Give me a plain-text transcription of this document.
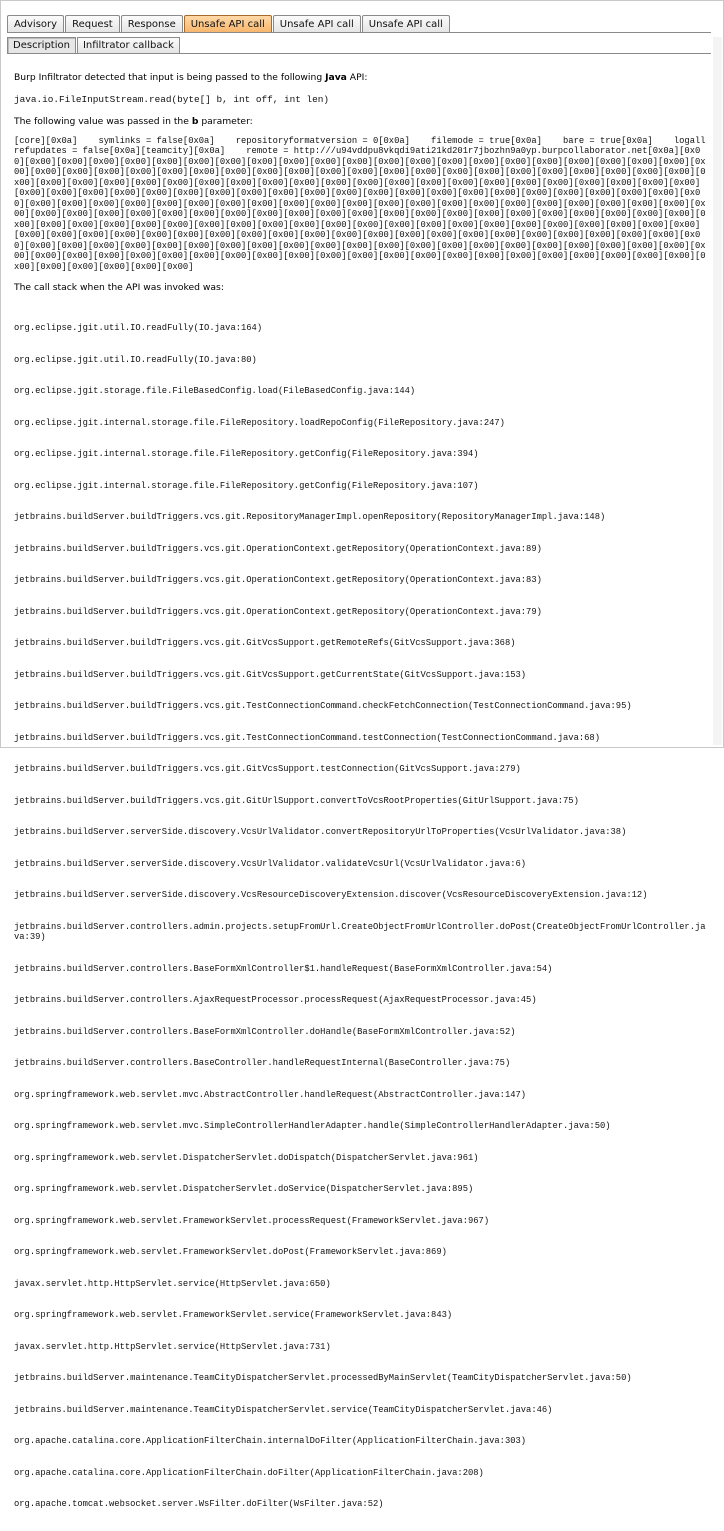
Advisory	Request	Response	Unsafe API call	Unsafe API call	Unsafe API call
Description	Infiltrator callback

Burp Infiltrator detected that input is being passed to the following Java API:

java.io.FileInputStream.read(byte[] b, int off, int len)

The following value was passed in the b parameter:

[core][0x0a]    symlinks = false[0x0a]    repositoryformatversion = 0[0x0a]    filemode = true[0x0a]    bare = true[0x0a]    logallrefupdates = false[0x0a][teamcity][0x0a]    remote = http:///u94vddpu8vkqdi9ati21kd201r7jbozhn9a0yp.burpcollaborator.net[0x0a][0x00][0x00][0x00][0x00][0x00][0x00][0x00][0x00][0x00][0x00][0x00][0x00][0x00][0x00][0x00][0x00][0x00][0x00][0x00][0x00][0x00][0x00][0x00][0x00][0x00][0x00][0x00][0x00][0x00][0x00][0x00][0x00][0x00][0x00][0x00][0x00][0x00][0x00][0x00][0x00][0x00][0x00][0x00][0x00][0x00][0x00][0x00][0x00][0x00][0x00][0x00][0x00][0x00][0x00][0x00][0x00][0x00][0x00][0x00][0x00][0x00][0x00][0x00][0x00][0x00][0x00][0x00][0x00][0x00][0x00][0x00][0x00][0x00][0x00][0x00][0x00][0x00][0x00][0x00][0x00][0x00][0x00][0x00][0x00][0x00][0x00][0x00][0x00][0x00][0x00][0x00][0x00][0x00][0x00][0x00][0x00][0x00][0x00][0x00][0x00][0x00][0x00][0x00][0x00][0x00][0x00][0x00][0x00][0x00][0x00][0x00][0x00][0x00][0x00][0x00][0x00][0x00][0x00][0x00][0x00][0x00][0x00][0x00][0x00][0x00][0x00][0x00][0x00][0x00][0x00][0x00][0x00][0x00][0x00][0x00][0x00][0x00][0x00][0x00][0x00][0x00][0x00][0x00][0x00][0x00][0x00][0x00][0x00][0x00][0x00][0x00][0x00][0x00][0x00][0x00][0x00][0x00][0x00][0x00][0x00][0x00][0x00][0x00][0x00][0x00][0x00][0x00][0x00][0x00][0x00][0x00][0x00][0x00][0x00][0x00][0x00][0x00][0x00][0x00][0x00][0x00][0x00][0x00][0x00][0x00][0x00][0x00][0x00][0x00][0x00][0x00][0x00][0x00][0x00][0x00][0x00][0x00][0x00][0x00][0x00][0x00][0x00][0x00][0x00][0x00][0x00][0x00][0x00][0x00][0x00][0x00][0x00][0x00][0x00][0x00][0x00][0x00][0x00][0x00][0x00][0x00][0x00][0x00][0x00]

The call stack when the API was invoked was:

org.eclipse.jgit.util.IO.readFully(IO.java:164)

org.eclipse.jgit.util.IO.readFully(IO.java:80)

org.eclipse.jgit.storage.file.FileBasedConfig.load(FileBasedConfig.java:144)

org.eclipse.jgit.internal.storage.file.FileRepository.loadRepoConfig(FileRepository.java:247)

org.eclipse.jgit.internal.storage.file.FileRepository.getConfig(FileRepository.java:394)

org.eclipse.jgit.internal.storage.file.FileRepository.getConfig(FileRepository.java:107)

jetbrains.buildServer.buildTriggers.vcs.git.RepositoryManagerImpl.openRepository(RepositoryManagerImpl.java:148)

jetbrains.buildServer.buildTriggers.vcs.git.OperationContext.getRepository(OperationContext.java:89)

jetbrains.buildServer.buildTriggers.vcs.git.OperationContext.getRepository(OperationContext.java:83)

jetbrains.buildServer.buildTriggers.vcs.git.OperationContext.getRepository(OperationContext.java:79)

jetbrains.buildServer.buildTriggers.vcs.git.GitVcsSupport.getRemoteRefs(GitVcsSupport.java:368)

jetbrains.buildServer.buildTriggers.vcs.git.GitVcsSupport.getCurrentState(GitVcsSupport.java:153)

jetbrains.buildServer.buildTriggers.vcs.git.TestConnectionCommand.checkFetchConnection(TestConnectionCommand.java:95)

jetbrains.buildServer.buildTriggers.vcs.git.TestConnectionCommand.testConnection(TestConnectionCommand.java:68)

jetbrains.buildServer.buildTriggers.vcs.git.GitVcsSupport.testConnection(GitVcsSupport.java:279)

jetbrains.buildServer.buildTriggers.vcs.git.GitUrlSupport.convertToVcsRootProperties(GitUrlSupport.java:75)

jetbrains.buildServer.serverSide.discovery.VcsUrlValidator.convertRepositoryUrlToProperties(VcsUrlValidator.java:38)

jetbrains.buildServer.serverSide.discovery.VcsUrlValidator.validateVcsUrl(VcsUrlValidator.java:6)

jetbrains.buildServer.serverSide.discovery.VcsResourceDiscoveryExtension.discover(VcsResourceDiscoveryExtension.java:12)

jetbrains.buildServer.controllers.admin.projects.setupFromUrl.CreateObjectFromUrlController.doPost(CreateObjectFromUrlController.java:39)

jetbrains.buildServer.controllers.BaseFormXmlController$1.handleRequest(BaseFormXmlController.java:54)

jetbrains.buildServer.controllers.AjaxRequestProcessor.processRequest(AjaxRequestProcessor.java:45)

jetbrains.buildServer.controllers.BaseFormXmlController.doHandle(BaseFormXmlController.java:52)

jetbrains.buildServer.controllers.BaseController.handleRequestInternal(BaseController.java:75)

org.springframework.web.servlet.mvc.AbstractController.handleRequest(AbstractController.java:147)

org.springframework.web.servlet.mvc.SimpleControllerHandlerAdapter.handle(SimpleControllerHandlerAdapter.java:50)

org.springframework.web.servlet.DispatcherServlet.doDispatch(DispatcherServlet.java:961)

org.springframework.web.servlet.DispatcherServlet.doService(DispatcherServlet.java:895)

org.springframework.web.servlet.FrameworkServlet.processRequest(FrameworkServlet.java:967)

org.springframework.web.servlet.FrameworkServlet.doPost(FrameworkServlet.java:869)

javax.servlet.http.HttpServlet.service(HttpServlet.java:650)

org.springframework.web.servlet.FrameworkServlet.service(FrameworkServlet.java:843)

javax.servlet.http.HttpServlet.service(HttpServlet.java:731)

jetbrains.buildServer.maintenance.TeamCityDispatcherServlet.processedByMainServlet(TeamCityDispatcherServlet.java:50)

jetbrains.buildServer.maintenance.TeamCityDispatcherServlet.service(TeamCityDispatcherServlet.java:46)

org.apache.catalina.core.ApplicationFilterChain.internalDoFilter(ApplicationFilterChain.java:303)

org.apache.catalina.core.ApplicationFilterChain.doFilter(ApplicationFilterChain.java:208)

org.apache.tomcat.websocket.server.WsFilter.doFilter(WsFilter.java:52)
